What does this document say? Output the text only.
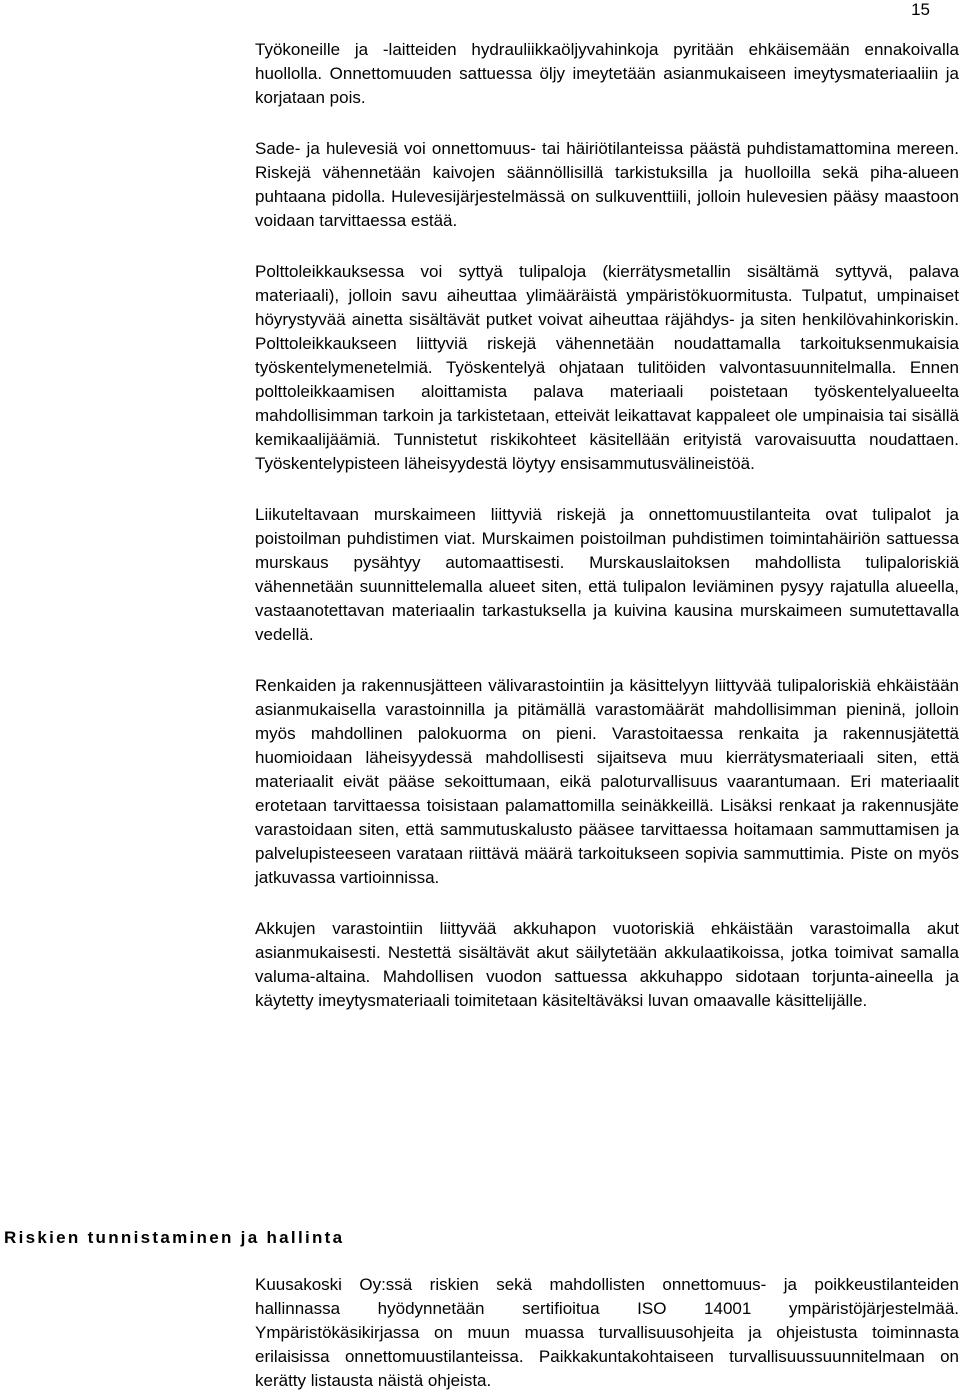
15

Työkoneille ja -laitteiden hydrauliikkaöljyvahinkoja pyritään ehkäisemään ennakoivalla huollolla. Onnettomuuden sattuessa öljy imeytetään asianmukaiseen imeytysmateriaaliin ja korjataan pois.

Sade- ja hulevesiä voi onnettomuus- tai häiriötilanteissa päästä puhdistamattomina mereen. Riskejä vähennetään kaivojen säännöllisillä tarkistuksilla ja huolloilla sekä piha-alueen puhtaana pidolla. Hulevesijärjestelmässä on sulkuventtiili, jolloin hulevesien pääsy maastoon voidaan tarvittaessa estää.

Polttoleikkauksessa voi syttyä tulipaloja (kierrätysmetallin sisältämä syttyvä, palava materiaali), jolloin savu aiheuttaa ylimääräistä ympäristökuormitusta. Tulpatut, umpinaiset höyrystyvää ainetta sisältävät putket voivat aiheuttaa räjähdys- ja siten henkilövahinkoriskin. Polttoleikkaukseen liittyviä riskejä vähennetään noudattamalla tarkoituksenmukaisia työskentelymenetelmiä. Työskentelyä ohjataan tulitöiden valvontasuunnitelmalla. Ennen polttoleikkaamisen aloittamista palava materiaali poistetaan työskentelyalueelta mahdollisimman tarkoin ja tarkistetaan, etteivät leikattavat kappaleet ole umpinaisia tai sisällä kemikaalijäämiä. Tunnistetut riskikohteet käsitellään erityistä varovaisuutta noudattaen. Työskentelypisteen läheisyydestä löytyy ensisammutusvälineistöä.

Liikuteltavaan murskaimeen liittyviä riskejä ja onnettomuustilanteita ovat tulipalot ja poistoilman puhdistimen viat. Murskaimen poistoilman puhdistimen toimintahäiriön sattuessa murskaus pysähtyy automaattisesti. Murskauslaitoksen mahdollista tulipaloriskiä vähennetään suunnittelemalla alueet siten, että tulipalon leviäminen pysyy rajatulla alueella, vastaanotettavan materiaalin tarkastuksella ja kuivina kausina murskaimeen sumutettavalla vedellä.

Renkaiden ja rakennusjätteen välivarastointiin ja käsittelyyn liittyvää tulipaloriskiä ehkäistään asianmukaisella varastoinnilla ja pitämällä varastomäärät mahdollisimman pieninä, jolloin myös mahdollinen palokuorma on pieni. Varastoitaessa renkaita ja rakennusjätettä huomioidaan läheisyydessä mahdollisesti sijaitseva muu kierrätysmateriaali siten, että materiaalit eivät pääse sekoittumaan, eikä paloturvallisuus vaarantumaan. Eri materiaalit erotetaan tarvittaessa toisistaan palamattomilla seinäkkeillä. Lisäksi renkaat ja rakennusjäte varastoidaan siten, että sammutuskalusto pääsee tarvittaessa hoitamaan sammuttamisen ja palvelupisteeseen varataan riittävä määrä tarkoitukseen sopivia sammuttimia. Piste on myös jatkuvassa vartioinnissa.

Akkujen varastointiin liittyvää akkuhapon vuotoriskiä ehkäistään varastoimalla akut asianmukaisesti. Nestettä sisältävät akut säilytetään akkulaatikoissa, jotka toimivat samalla valuma-altaina. Mahdollisen vuodon sattuessa akkuhappo sidotaan torjunta-aineella ja käytetty imeytysmateriaali toimitetaan käsiteltäväksi luvan omaavalle käsittelijälle.

Riskien tunnistaminen ja hallinta

Kuusakoski Oy:ssä riskien sekä mahdollisten onnettomuus- ja poikkeustilanteiden hallinnassa hyödynnetään sertifioitua ISO 14001 ympäristöjärjestelmää. Ympäristökäsikirjassa on muun muassa turvallisuusohjeita ja ohjeistusta toiminnasta erilaisissa onnettomuustilanteissa. Paikkakuntakohtaiseen turvallisuussuunnitelmaan on kerätty listausta näistä ohjeista.
